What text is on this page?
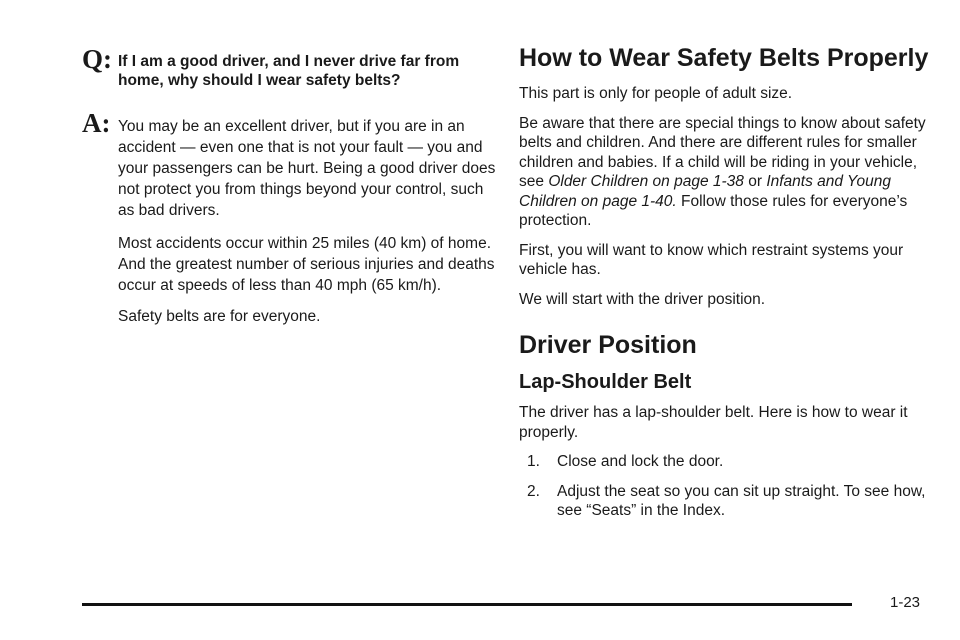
Q: If I am a good driver, and I never drive far from home, why should I wear safety belts?
A: You may be an excellent driver, but if you are in an accident — even one that is not your fault — you and your passengers can be hurt. Being a good driver does not protect you from things beyond your control, such as bad drivers.

Most accidents occur within 25 miles (40 km) of home. And the greatest number of serious injuries and deaths occur at speeds of less than 40 mph (65 km/h).

Safety belts are for everyone.

How to Wear Safety Belts Properly

This part is only for people of adult size.

Be aware that there are special things to know about safety belts and children. And there are different rules for smaller children and babies. If a child will be riding in your vehicle, see Older Children on page 1-38 or Infants and Young Children on page 1-40. Follow those rules for everyone’s protection.

First, you will want to know which restraint systems your vehicle has.

We will start with the driver position.

Driver Position
Lap-Shoulder Belt

The driver has a lap-shoulder belt. Here is how to wear it properly.

1. Close and lock the door.
2. Adjust the seat so you can sit up straight. To see how, see “Seats” in the Index.
1-23
